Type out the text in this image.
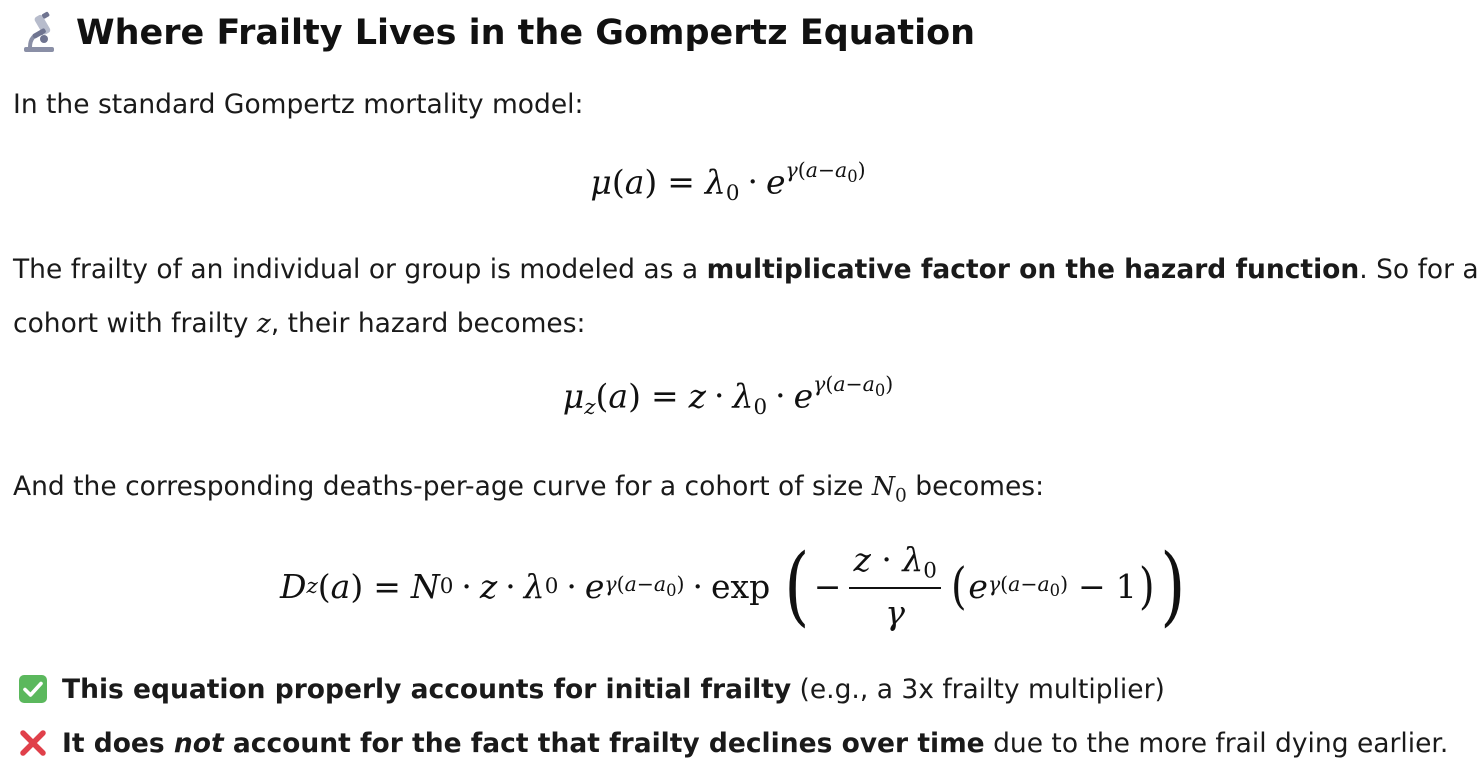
Where Frailty Lives in the Gompertz Equation

In the standard Gompertz mortality model:

$\mu(a) = \lambda_0 \cdot e^{\gamma(a-a_0)}$

The frailty of an individual or group is modeled as a multiplicative factor on the hazard function. So for a

cohort with frailty z, their hazard becomes:

$\mu_z(a) = z \cdot \lambda_0 \cdot e^{\gamma(a-a_0)}$

And the corresponding deaths-per-age curve for a cohort of size $N_0$ becomes:

D z ( a ) = N 0 · z · λ 0 · e $\gamma(a-a_0) \cdot \exp$ ( − $\frac{z \cdot \lambda_0}{\gamma}$ ( e $\gamma(a-a_0) - 1$ ) )
This equation properly accounts for initial frailty (e.g., a 3x frailty multiplier)
It does not account for the fact that frailty declines over time due to the more frail dying earlier.
